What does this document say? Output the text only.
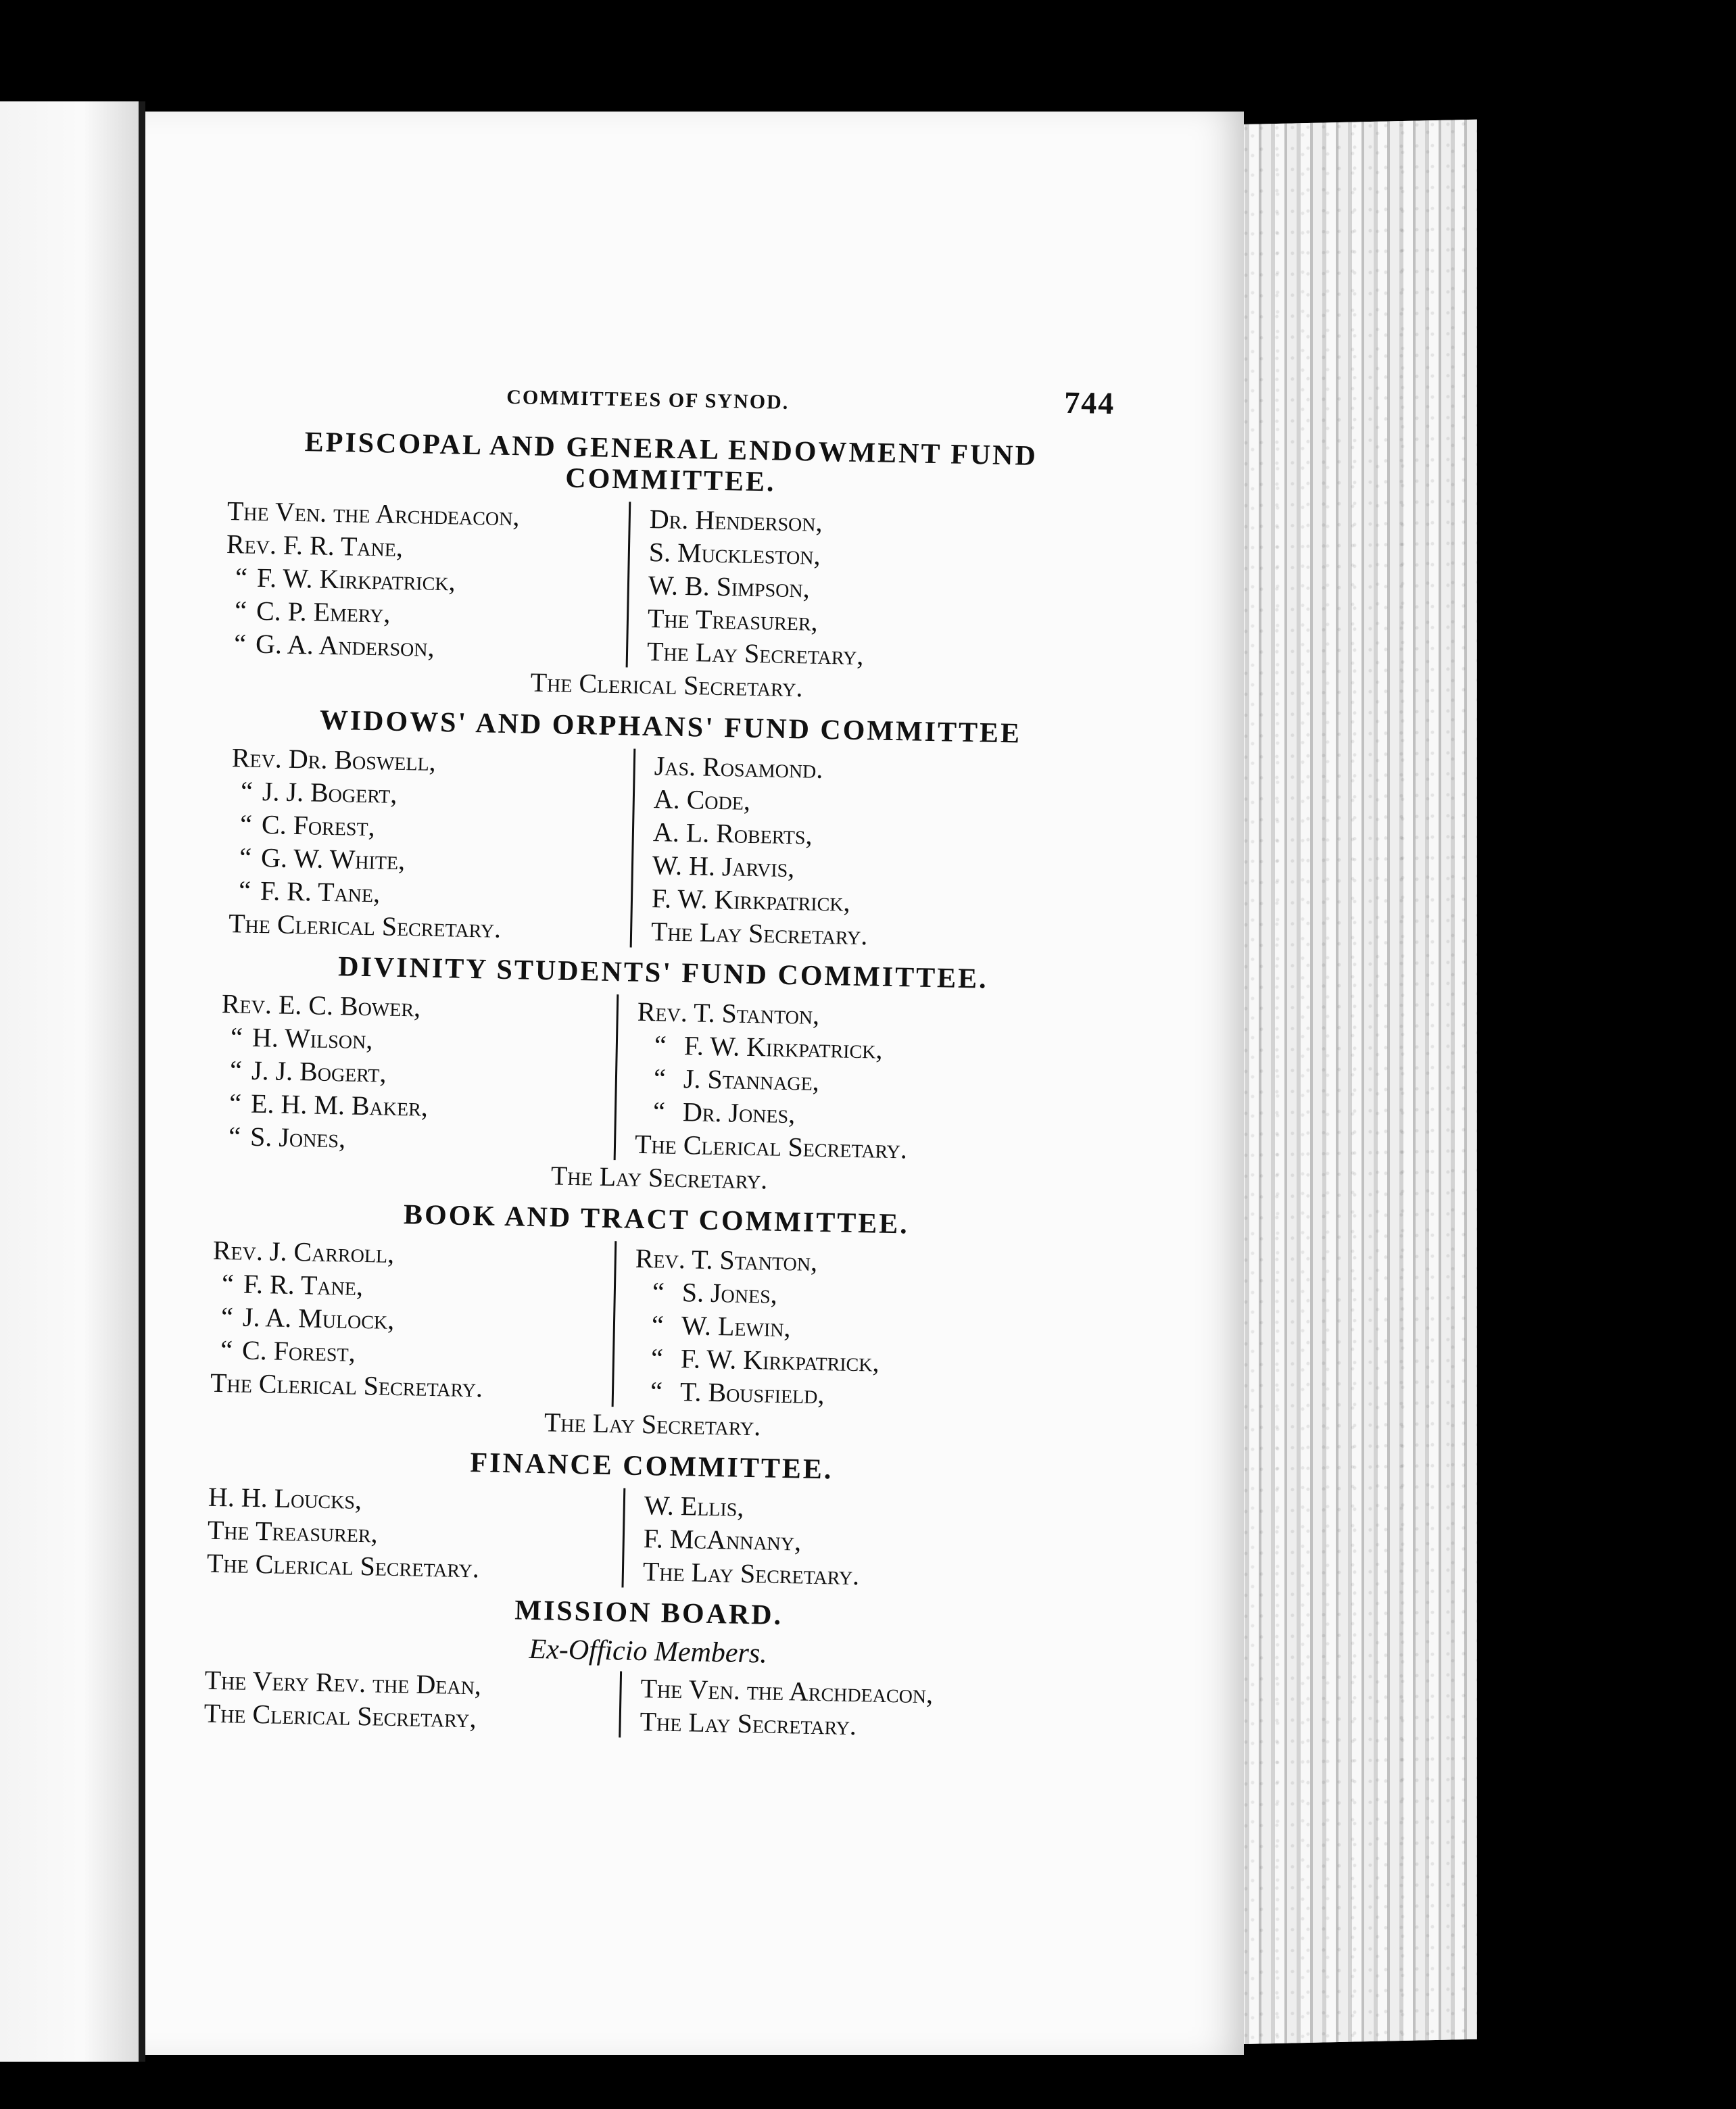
COMMITTEES OF SYNOD.	744
EPISCOPAL AND GENERAL ENDOWMENT FUND COMMITTEE.
The Ven. the Archdeacon,
Rev. F. R. Tane,
“ F. W. Kirkpatrick,
“ C. P. Emery,
“ G. A. Anderson,
Dr. Henderson,
S. Muckleston,
W. B. Simpson,
The Treasurer,
The Lay Secretary,
The Clerical Secretary.
WIDOWS' AND ORPHANS' FUND COMMITTEE
Rev. Dr. Boswell,
“ J. J. Bogert,
“ C. Forest,
“ G. W. White,
“ F. R. Tane,
The Clerical Secretary.
Jas. Rosamond.
A. Code,
A. L. Roberts,
W. H. Jarvis,
F. W. Kirkpatrick,
The Lay Secretary.
DIVINITY STUDENTS' FUND COMMITTEE.
Rev. E. C. Bower,
“ H. Wilson,
“ J. J. Bogert,
“ E. H. M. Baker,
“ S. Jones,
Rev. T. Stanton,
“ F. W. Kirkpatrick,
“ J. Stannage,
“ Dr. Jones,
The Clerical Secretary.
The Lay Secretary.
BOOK AND TRACT COMMITTEE.
Rev. J. Carroll,
“ F. R. Tane,
“ J. A. Mulock,
“ C. Forest,
The Clerical Secretary.
Rev. T. Stanton,
“ S. Jones,
“ W. Lewin,
“ F. W. Kirkpatrick,
“ T. Bousfield,
The Lay Secretary.
FINANCE COMMITTEE.
H. H. Loucks,
The Treasurer,
The Clerical Secretary.
W. Ellis,
F. McAnnany,
The Lay Secretary.
MISSION BOARD.
Ex-Officio Members.
The Very Rev. the Dean,
The Clerical Secretary,
The Ven. the Archdeacon,
The Lay Secretary.
